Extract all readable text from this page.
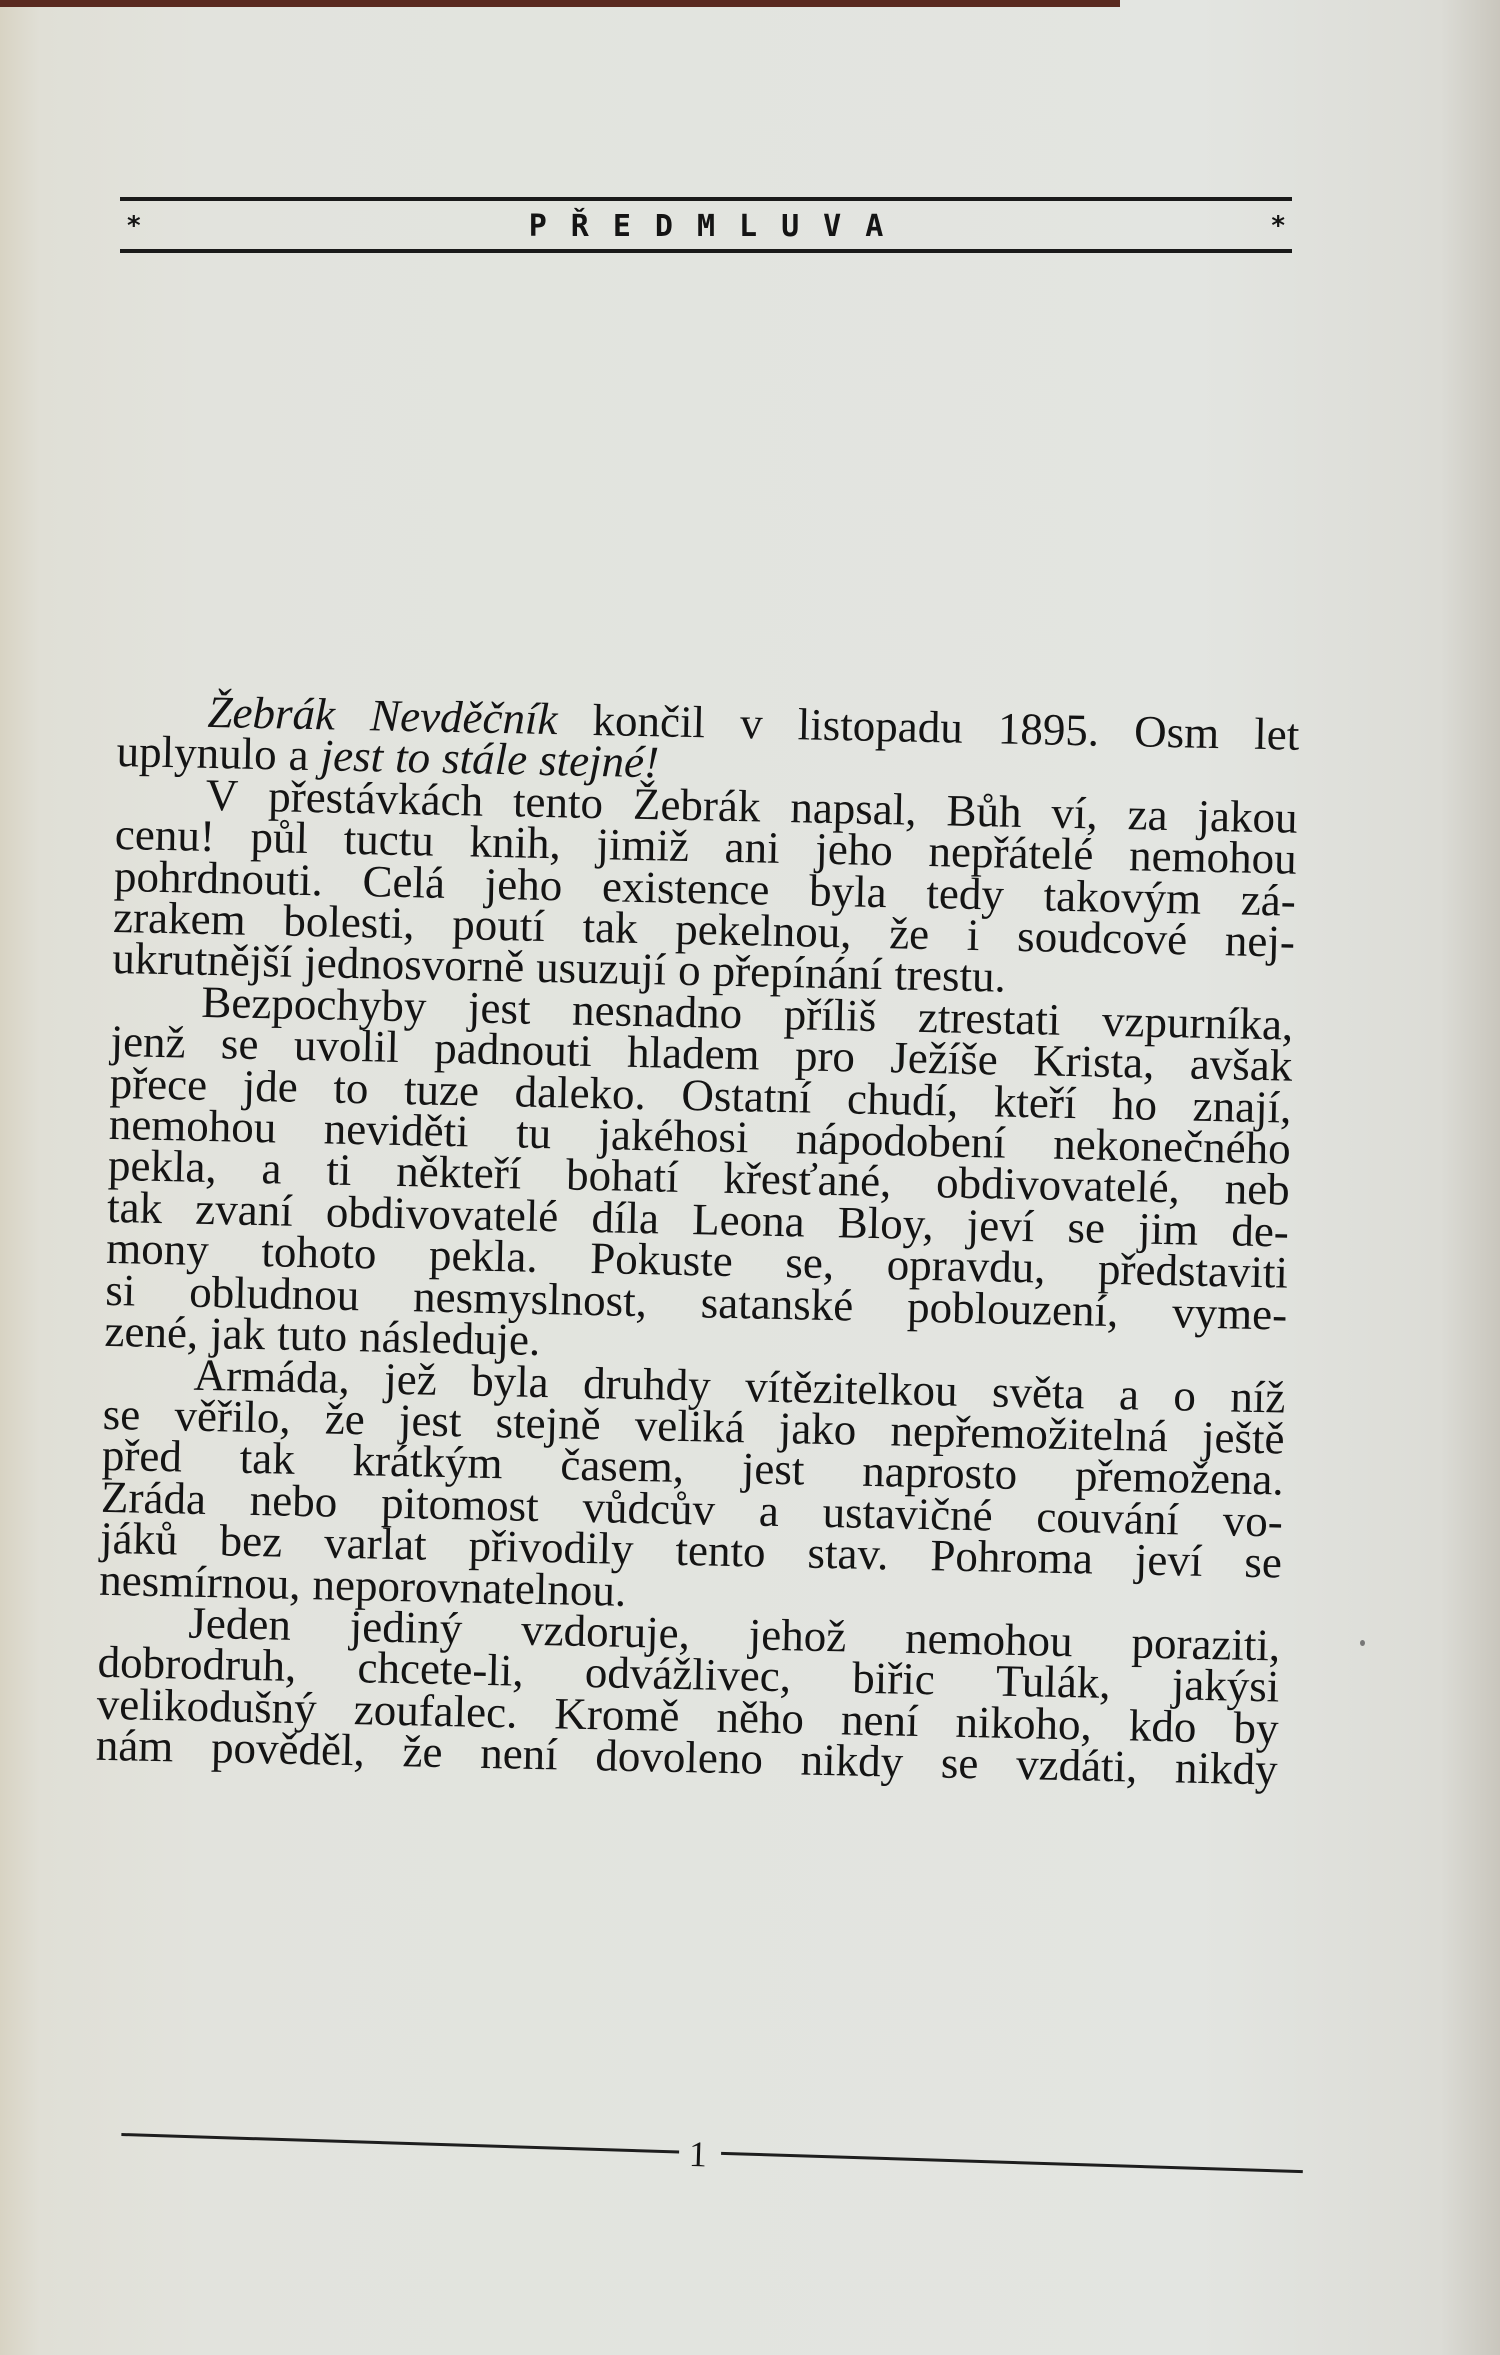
*	PŘEDMLUVA	*
Žebrák Nevděčník končil v listopadu 1895. Osm let
uplynulo a jest to stále stejné!
V přestávkách tento Žebrák napsal, Bůh ví, za jakou
cenu! půl tuctu knih, jimiž ani jeho nepřátelé nemohou
pohrdnouti. Celá jeho existence byla tedy takovým zá-
zrakem bolesti, poutí tak pekelnou, že i soudcové nej-
ukrutnější jednosvorně usuzují o přepínání trestu.
Bezpochyby jest nesnadno příliš ztrestati vzpurníka,
jenž se uvolil padnouti hladem pro Ježíše Krista, avšak
přece jde to tuze daleko. Ostatní chudí, kteří ho znají,
nemohou neviděti tu jakéhosi nápodobení nekonečného
pekla, a ti někteří bohatí křesťané, obdivovatelé, neb
tak zvaní obdivovatelé díla Leona Bloy, jeví se jim de-
mony tohoto pekla. Pokuste se, opravdu, představiti
si obludnou nesmyslnost, satanské poblouzení, vyme-
zené, jak tuto následuje.
Armáda, jež byla druhdy vítězitelkou světa a o níž
se věřilo, že jest stejně veliká jako nepřemožitelná ještě
před tak krátkým časem, jest naprosto přemožena.
Zráda nebo pitomost vůdcův a ustavičné couvání vo-
jáků bez varlat přivodily tento stav. Pohroma jeví se
nesmírnou, neporovnatelnou.
Jeden jediný vzdoruje, jehož nemohou poraziti,
dobrodruh, chcete-li, odvážlivec, biřic Tulák, jakýsi
velikodušný zoufalec. Kromě něho není nikoho, kdo by
nám pověděl, že není dovoleno nikdy se vzdáti, nikdy
1
